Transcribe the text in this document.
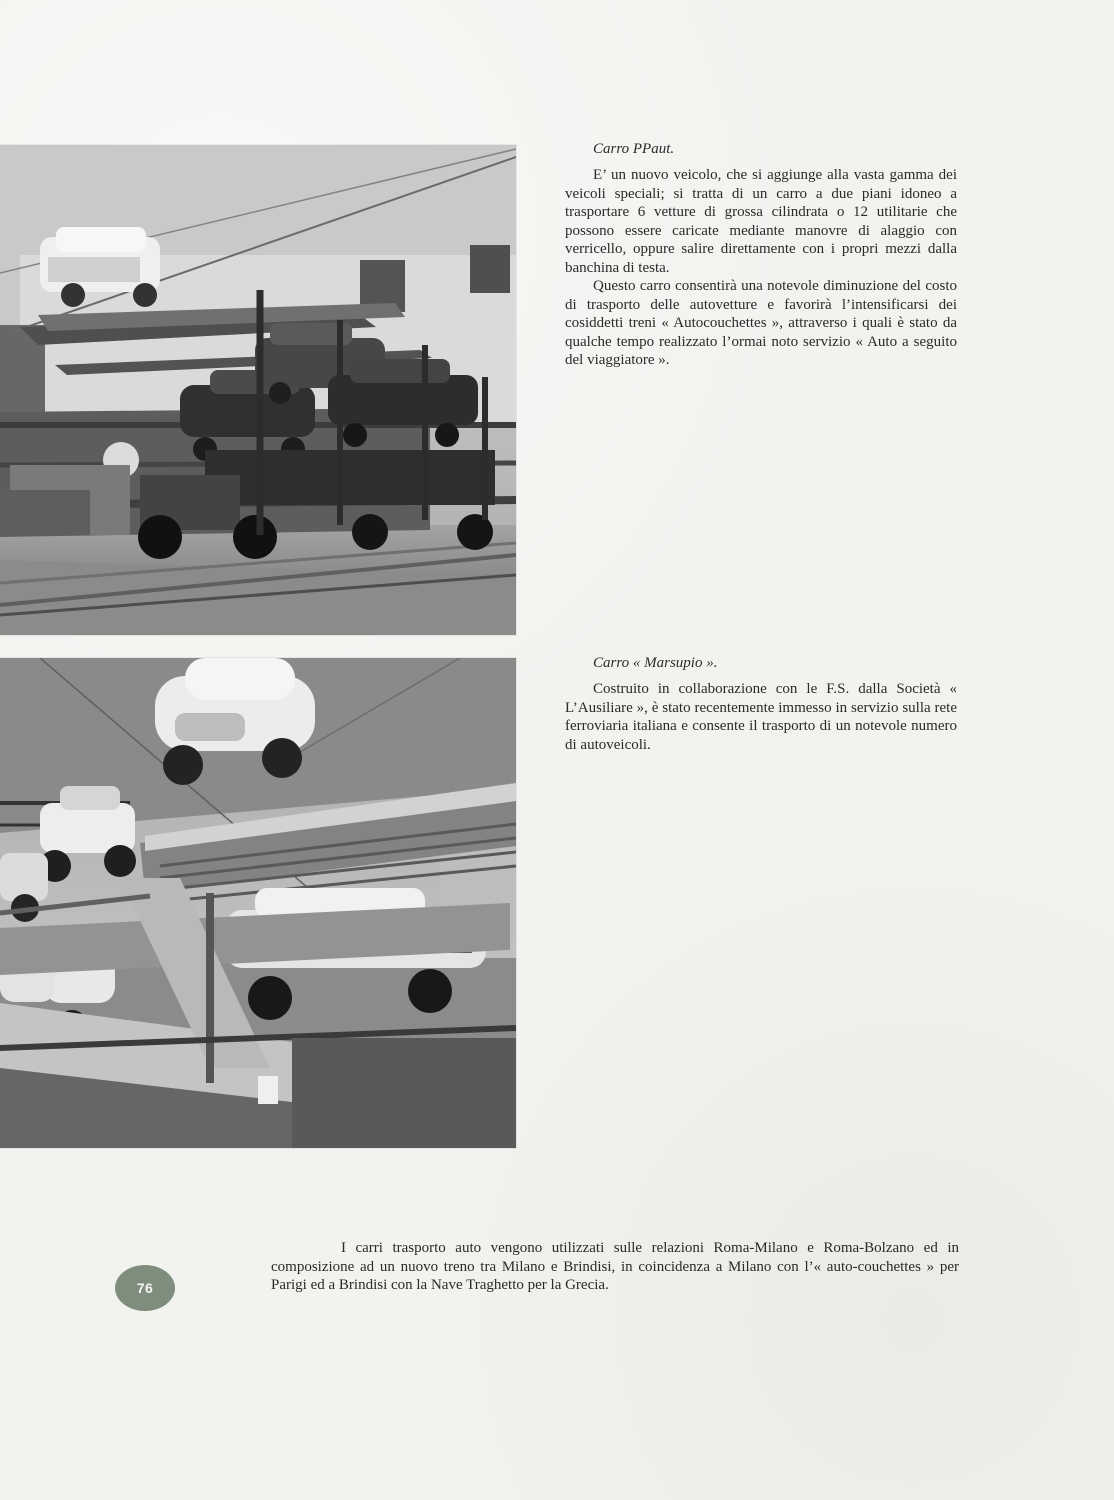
Carro PPaut.

E’ un nuovo veicolo, che si aggiunge alla vasta gamma dei veicoli speciali; si tratta di un carro a due piani idoneo a trasportare 6 vetture di grossa cilindrata o 12 utilitarie che possono essere caricate mediante manovre di alaggio con verricello, oppure salire direttamente con i propri mezzi dalla banchina di testa.

Questo carro consentirà una notevole diminuzione del costo di trasporto delle autovetture e favorirà l’intensificarsi dei cosiddetti treni « Autocouchettes », attraverso i quali è stato da qualche tempo realizzato l’ormai noto servizio « Auto a seguito del viaggiatore ».

Carro « Marsupio ».

Costruito in collaborazione con le F.S. dalla Società « L’Ausiliare », è stato recentemente immesso in servizio sulla rete ferroviaria italiana e consente il trasporto di un notevole numero di autoveicoli.

76
I carri trasporto auto vengono utilizzati sulle relazioni Roma-Milano e Roma-Bolzano ed in composizione ad un nuovo treno tra Milano e Brindisi, in coincidenza a Milano con l’« auto-couchettes » per Parigi ed a Brindisi con la Nave Traghetto per la Grecia.
